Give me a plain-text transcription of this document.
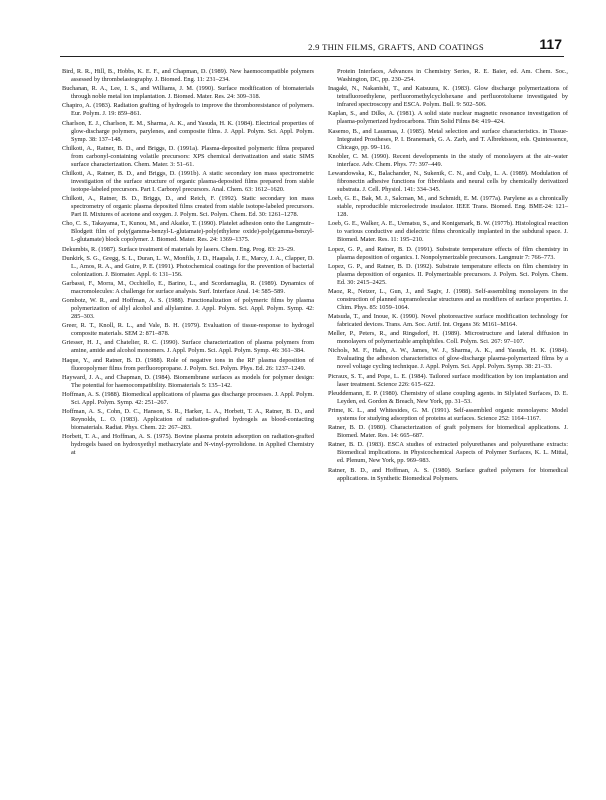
2.9 THIN FILMS, GRAFTS, AND COATINGS	117

Bird, R. R., Hill, B., Hobbs, K. E. F., and Chapman, D. (1989). New haemocompatible polymers assessed by thrombelastography. J. Biomed. Eng. 11: 231–234.

Buchanan, R. A., Lee, I. S., and Williams, J. M. (1990). Surface modification of biomaterials through noble metal ion implantation. J. Biomed. Mater. Res. 24: 309–318.

Chapiro, A. (1983). Radiation grafting of hydrogels to improve the thromboresistance of polymers. Eur. Polym. J. 19: 859–861.

Charlson, E. J., Charlson, E. M., Sharma, A. K., and Yasuda, H. K. (1984). Electrical properties of glow-discharge polymers, parylenes, and composite films. J. Appl. Polym. Sci. Appl. Polym. Symp. 38: 137–148.

Chilkoti, A., Ratner, B. D., and Briggs, D. (1991a). Plasma-deposited polymeric films prepared from carbonyl-containing volatile precursors: XPS chemical derivatization and static SIMS surface characterization. Chem. Mater. 3: 51–61.

Chilkoti, A., Ratner, B. D., and Briggs, D. (1991b). A static secondary ion mass spectrometric investigation of the surface structure of organic plasma-deposited films prepared from stable isotope-labeled precursors. Part I. Carbonyl precursors. Anal. Chem. 63: 1612–1620.

Chilkoti, A., Ratner, B. D., Briggs, D., and Reich, F. (1992). Static secondary ion mass spectrometry of organic plasma deposited films created from stable isotope-labeled precursors. Part II. Mixtures of acetone and oxygen. J. Polym. Sci. Polym. Chem. Ed. 30: 1261–1278.

Cho, C. S., Takayama, T., Kunou, M., and Akaike, T. (1990). Platelet adhesion onto the Langmuir–Blodgett film of poly(gamma-benzyl-L-glutamate)-poly(ethylene oxide)-poly(gamma-benzyl-L-glutamate) block copolymer. J. Biomed. Mater. Res. 24: 1369–1375.

Dekumbis, R. (1987). Surface treatment of materials by lasers. Chem. Eng. Prog. 83: 23–29.

Dunkirk, S. G., Gregg, S. L., Duran, L. W., Monfils, J. D., Haapala, J. E., Marcy, J. A., Clapper, D. L., Amos, R. A., and Guire, P. E. (1991). Photochemical coatings for the prevention of bacterial colonization. J. Biomater. Appl. 6: 131–156.

Garbassi, F., Morra, M., Occhiello, E., Barino, L., and Scordamaglia, R. (1989). Dynamics of macromolecules: A challenge for surface analysis. Surf. Interface Anal. 14: 585–589.

Gombotz, W. R., and Hoffman, A. S. (1988). Functionalization of polymeric films by plasma polymerization of allyl alcohol and allylamine. J. Appl. Polym. Sci. Appl. Polym. Symp. 42: 285–303.

Greer, R. T., Knoll, R. L., and Vale, B. H. (1979). Evaluation of tissue-response to hydrogel composite materials. SEM 2: 871–878.

Griesser, H. J., and Chatelier, R. C. (1990). Surface characterization of plasma polymers from amine, amide and alcohol monomers. J. Appl. Polym. Sci. Appl. Polym. Symp. 46: 361–384.

Haque, Y., and Ratner, B. D. (1988). Role of negative ions in the RF plasma deposition of fluoropolymer films from perfluoropropane. J. Polym. Sci. Polym. Phys. Ed. 26: 1237–1249.

Hayward, J. A., and Chapman, D. (1984). Biomembrane surfaces as models for polymer design: The potential for haemocompatibility. Biomaterials 5: 135–142.

Hoffman, A. S. (1988). Biomedical applications of plasma gas discharge processes. J. Appl. Polym. Sci. Appl. Polym. Symp. 42: 251–267.

Hoffman, A. S., Cohn, D. C., Hanson, S. R., Harker, L. A., Horbett, T. A., Ratner, B. D., and Reynolds, L. O. (1983). Application of radiation-grafted hydrogels as blood-contacting biomaterials. Radiat. Phys. Chem. 22: 267–283.

Horbett, T. A., and Hoffman, A. S. (1975). Bovine plasma protein adsorption on radiation-grafted hydrogels based on hydroxyethyl methacrylate and N-vinyl-pyrrolidone. in Applied Chemistry at

Protein Interfaces, Advances in Chemistry Series, R. E. Baier, ed. Am. Chem. Soc., Washington, DC, pp. 230–254.

Inagaki, N., Nakanishi, T., and Katsuura, K. (1983). Glow discharge polymerizations of tetrafluoroethylene, perfluoromethylcyclohexane and perfluorotoluene investigated by infrared spectroscopy and ESCA. Polym. Bull. 9: 502–506.

Kaplan, S., and Dilks, A. (1981). A solid state nuclear magnetic resonance investigation of plasma-polymerized hydrocarbons. Thin Solid Films 84: 419–424.

Kasemo, B., and Lausmaa, J. (1985). Metal selection and surface characteristics. in Tissue-Integrated Prostheses, P. I. Branemark, G. A. Zarb, and T. Albrektsson, eds. Quintessence, Chicago, pp. 99–116.

Knobler, C. M. (1990). Recent developments in the study of monolayers at the air–water interface. Adv. Chem. Phys. 77: 397–449.

Lewandowska, K., Balachander, N., Sukenik, C. N., and Culp, L. A. (1989). Modulation of fibronectin adhesive functions for fibroblasts and neural cells by chemically derivatized substrata. J. Cell. Physiol. 141: 334–345.

Loeb, G. E., Bak, M. J., Salcman, M., and Schmidt, E. M. (1977a). Parylene as a chronically stable, reproducible microelectrode insulator. IEEE Trans. Biomed. Eng. BME-24: 121–128.

Loeb, G. E., Walker, A. E., Uematsu, S., and Konigsmark, B. W. (1977b). Histological reaction to various conductive and dielectric films chronically implanted in the subdural space. J. Biomed. Mater. Res. 11: 195–210.

Lopez, G. P., and Ratner, B. D. (1991). Substrate temperature effects of film chemistry in plasma deposition of organics. I. Nonpolymerizable precursors. Langmuir 7: 766–773.

Lopez, G. P., and Ratner, B. D. (1992). Substrate temperature effects on film chemistry in plasma deposition of organics. II. Polymerizable precursors. J. Polym. Sci. Polym. Chem. Ed. 30: 2415–2425.

Maoz, R., Netzer, L., Gun, J., and Sagiv, J. (1988). Self-assembling monolayers in the construction of planned supramolecular structures and as modifiers of surface properties. J. Chim. Phys. 85: 1059–1064.

Matsuda, T., and Inoue, K. (1990). Novel photoreactive surface modification technology for fabricated devices. Trans. Am. Soc. Artif. Int. Organs 36: M161–M164.

Meller, P., Peters, R., and Ringsdorf, H. (1989). Microstructure and lateral diffusion in monolayers of polymerizable amphiphiles. Coll. Polym. Sci. 267: 97–107.

Nichols, M. F., Hahn, A. W., James, W. J., Sharma, A. K., and Yasuda, H. K. (1984). Evaluating the adhesion characteristics of glow-discharge plasma-polymerized films by a novel voltage cycling technique. J. Appl. Polym. Sci. Appl. Polym. Symp. 38: 21–33.

Picraux, S. T., and Pope, L. E. (1984). Tailored surface modification by ion implantation and laser treatment. Science 226: 615–622.

Pleuddemann, E. P. (1980). Chemistry of silane coupling agents. in Silylated Surfaces, D. E. Leyden, ed. Gordon & Breach, New York, pp. 31–53.

Prime, K. L., and Whitesides, G. M. (1991). Self-assembled organic monolayers: Model systems for studying adsorption of proteins at surfaces. Science 252: 1164–1167.

Ratner, B. D. (1980). Characterization of graft polymers for biomedical applications. J. Biomed. Mater. Res. 14: 665–687.

Ratner, B. D. (1983). ESCA studies of extracted polyurethanes and polyurethane extracts: Biomedical implications. in Physicochemical Aspects of Polymer Surfaces, K. L. Mittal, ed. Plenum, New York, pp. 969–983.

Ratner, B. D., and Hoffman, A. S. (1980). Surface grafted polymers for biomedical applications. in Synthetic Biomedical Polymers.
